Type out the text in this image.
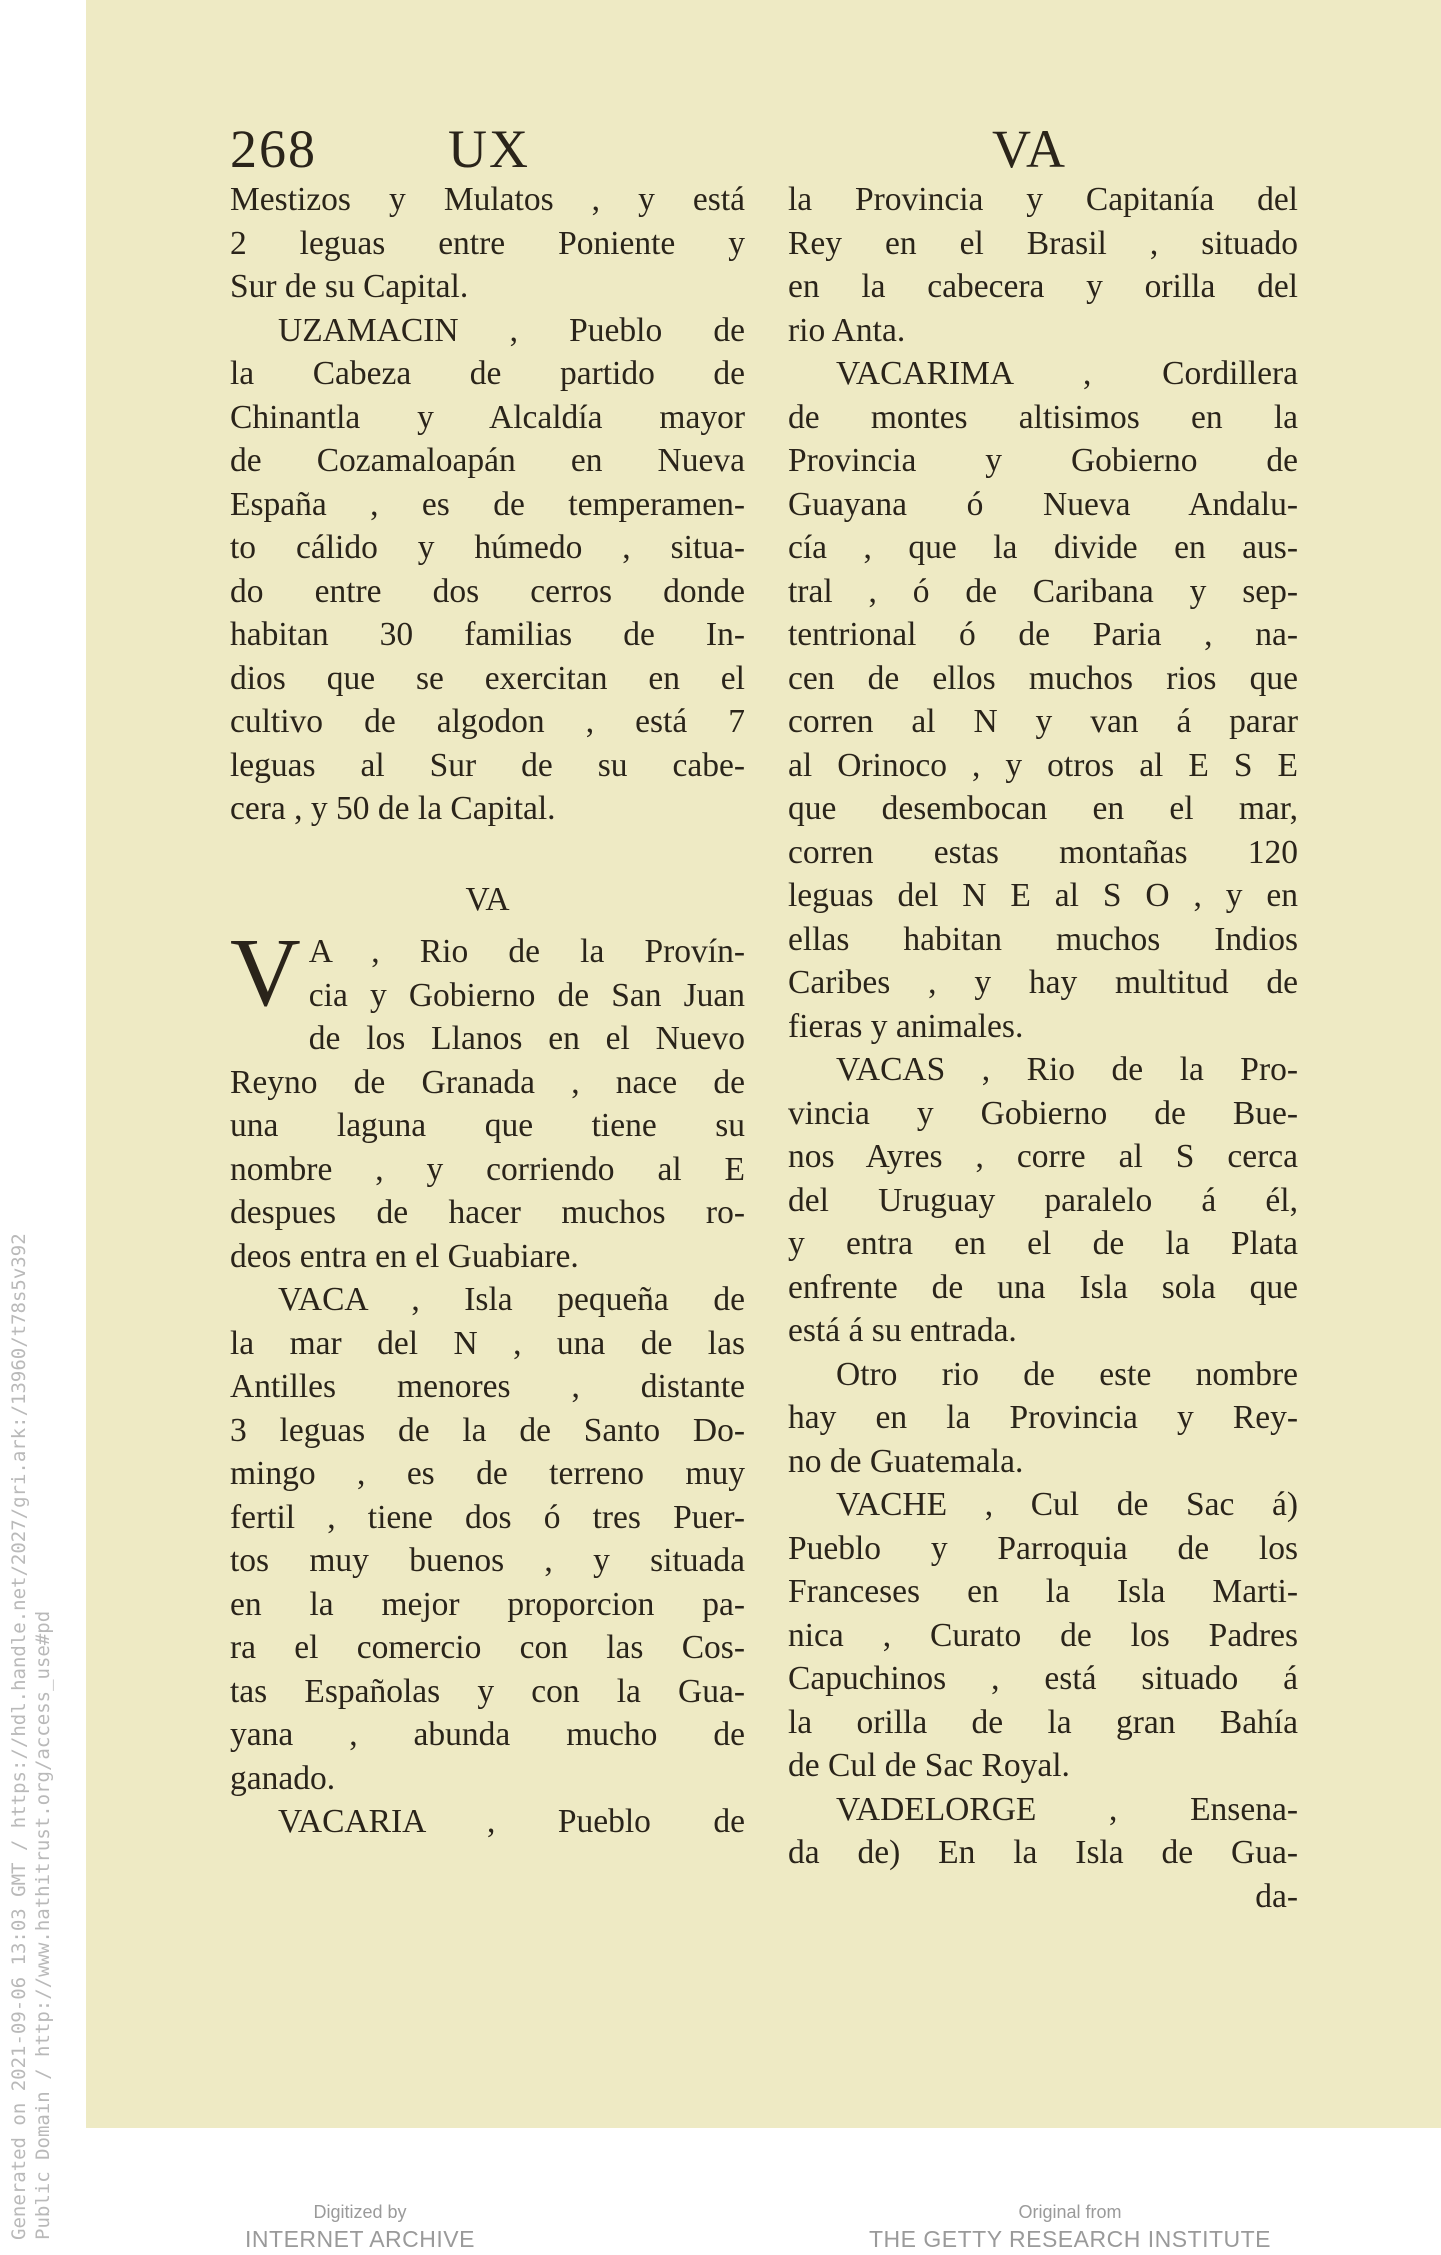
Generated on 2021-09-06 13:03 GMT / https://hdl.handle.net/2027/gri.ark:/13960/t78s5v392 Public Domain / http://www.hathitrust.org/access_use#pd
268 UX	VA
Mestizos y Mulatos , y está
2 leguas entre Poniente y
Sur de su Capital.
UZAMACIN , Pueblo de
la Cabeza de partido de
Chinantla y Alcaldía mayor
de Cozamaloapán en Nueva
España , es de temperamen-
to cálido y húmedo , situa-
do entre dos cerros donde
habitan 30 familias de In-
dios que se exercitan en el
cultivo de algodon , está 7
leguas al Sur de su cabe-
cera , y 50 de la Capital.
VA
V A , Rio de la Provín-
cia y Gobierno de San Juan
de los Llanos en el Nuevo
Reyno de Granada , nace de
una laguna que tiene su
nombre , y corriendo al E
despues de hacer muchos ro-
deos entra en el Guabiare.
VACA , Isla pequeña de
la mar del N , una de las
Antilles menores , distante
3 leguas de la de Santo Do-
mingo , es de terreno muy
fertil , tiene dos ó tres Puer-
tos muy buenos , y situada
en la mejor proporcion pa-
ra el comercio con las Cos-
tas Españolas y con la Gua-
yana , abunda mucho de
ganado.
VACARIA , Pueblo de
la Provincia y Capitanía del
Rey en el Brasil , situado
en la cabecera y orilla del
rio Anta.
VACARIMA , Cordillera
de montes altisimos en la
Provincia y Gobierno de
Guayana ó Nueva Andalu-
cía , que la divide en aus-
tral , ó de Caribana y sep-
tentrional ó de Paria , na-
cen de ellos muchos rios que
corren al N y van á parar
al Orinoco , y otros al E S E
que desembocan en el mar,
corren estas montañas 120
leguas del N E al S O , y en
ellas habitan muchos Indios
Caribes , y hay multitud de
fieras y animales.
VACAS , Rio de la Pro-
vincia y Gobierno de Bue-
nos Ayres , corre al S cerca
del Uruguay paralelo á él,
y entra en el de la Plata
enfrente de una Isla sola que
está á su entrada.
Otro rio de este nombre
hay en la Provincia y Rey-
no de Guatemala.
VACHE , Cul de Sac á)
Pueblo y Parroquia de los
Franceses en la Isla Marti-
nica , Curato de los Padres
Capuchinos , está situado á
la orilla de la gran Bahía
de Cul de Sac Royal.
VADELORGE , Ensena-
da de) En la Isla de Gua-
da-
Digitized by
INTERNET ARCHIVE
Original from
THE GETTY RESEARCH INSTITUTE
